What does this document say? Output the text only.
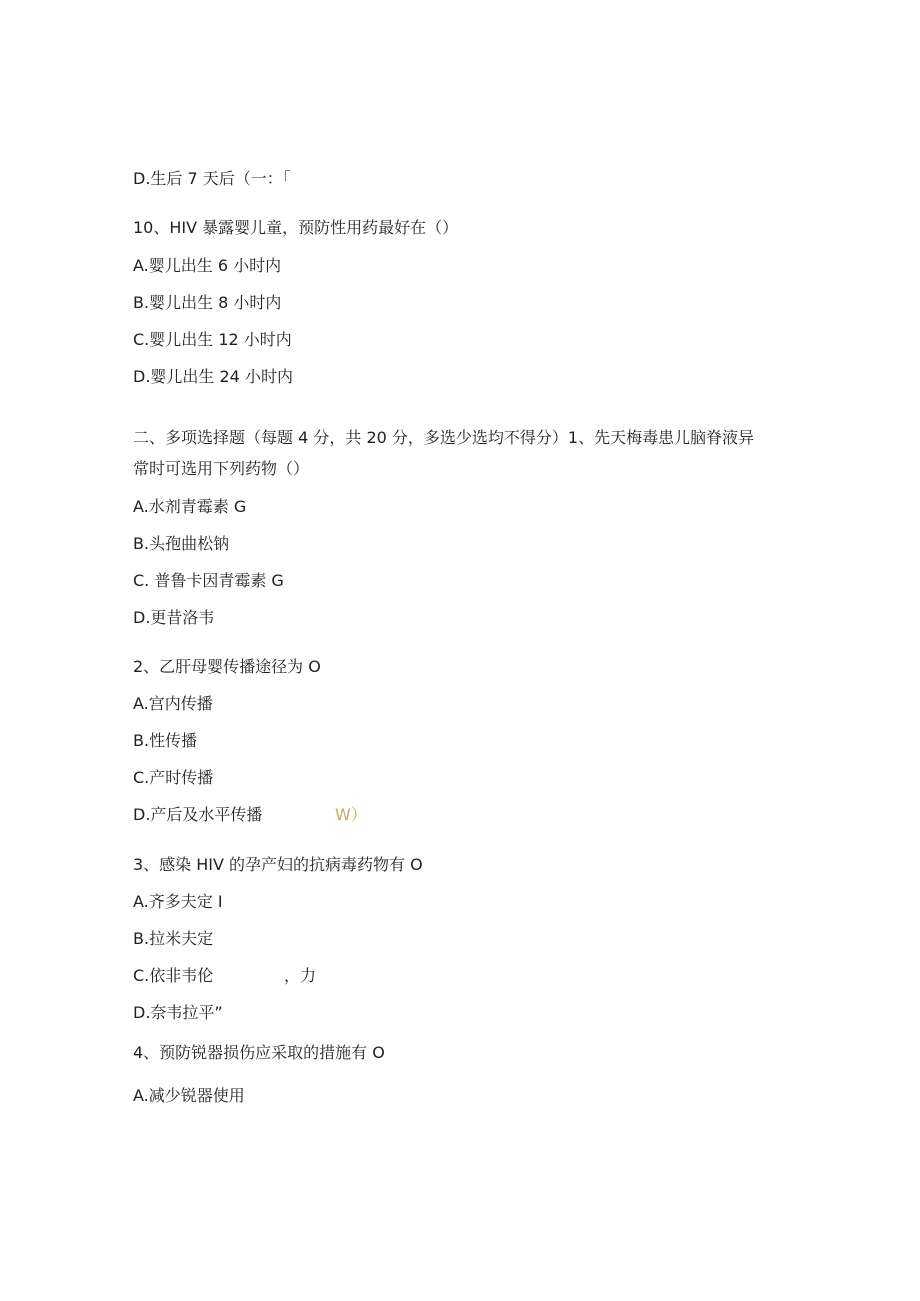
D.生后 7 天后（一：「
10、HIV 暴露婴儿童，预防性用药最好在（）
A.婴儿出生 6 小时内
B.婴儿出生 8 小时内
C.婴儿出生 12 小时内
D.婴儿出生 24 小时内
二、多项选择题（每题 4 分，共 20 分，多选少选均不得分）1、先天梅毒患儿脑脊液异
常时可选用下列药物（）
A.水剂青霉素 G
B.头孢曲松钠
C. 普鲁卡因青霉素 G
D.更昔洛韦
2、乙肝母婴传播途径为 O
A.宫内传播
B.性传播
C.产时传播
D.产后及水平传播	W）
3、感染 HIV 的孕产妇的抗病毒药物有 O
A.齐多夫定 I
B.拉米夫定
C.依非韦伦	，力
D.奈韦拉平”
4、预防锐器损伤应采取的措施有 O
A.减少锐器使用
